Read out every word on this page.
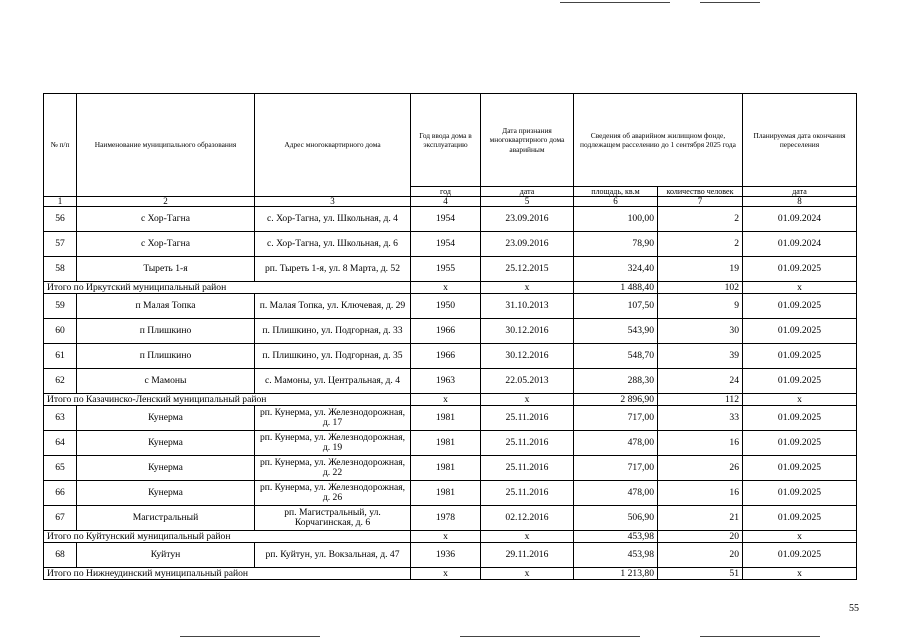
№ п/п	Наименование муниципального образования	Адрес многоквартирного дома	Год ввода дома в эксплуатацию	Дата признания многоквартирного дома аварийным	Сведения об аварийном жилищном фонде, подлежащем расселению до 1 сентября 2025 года		Планируемая дата окончания переселения
			год	дата	площадь, кв.м	количество человек	дата
1	2	3	4	5	6	7	8
56	с Хор-Тагна	с. Хор-Тагна, ул. Школьная, д. 4	1954	23.09.2016	100,00	2	01.09.2024
57	с Хор-Тагна	с. Хор-Тагна, ул. Школьная, д. 6	1954	23.09.2016	78,90	2	01.09.2024
58	Тыреть 1-я	рп. Тыреть 1-я, ул. 8 Марта, д. 52	1955	25.12.2015	324,40	19	01.09.2025
Итого по Иркутский муниципальный район			х	х	1 488,40	102	х
59	п Малая Топка	п. Малая Топка, ул. Ключевая, д. 29	1950	31.10.2013	107,50	9	01.09.2025
60	п Плишкино	п. Плишкино, ул. Подгорная, д. 33	1966	30.12.2016	543,90	30	01.09.2025
61	п Плишкино	п. Плишкино, ул. Подгорная, д. 35	1966	30.12.2016	548,70	39	01.09.2025
62	с Мамоны	с. Мамоны, ул. Центральная, д. 4	1963	22.05.2013	288,30	24	01.09.2025
Итого по Казачинско-Ленский муниципальный район			х	х	2 896,90	112	х
63	Кунерма	рп. Кунерма, ул. Железнодорожная, д. 17	1981	25.11.2016	717,00	33	01.09.2025
64	Кунерма	рп. Кунерма, ул. Железнодорожная, д. 19	1981	25.11.2016	478,00	16	01.09.2025
65	Кунерма	рп. Кунерма, ул. Железнодорожная, д. 22	1981	25.11.2016	717,00	26	01.09.2025
66	Кунерма	рп. Кунерма, ул. Железнодорожная, д. 26	1981	25.11.2016	478,00	16	01.09.2025
67	Магистральный	рп. Магистральный, ул. Корчагинская, д. 6	1978	02.12.2016	506,90	21	01.09.2025
Итого по Куйтунский муниципальный район			х	х	453,98	20	х
68	Куйтун	рп. Куйтун, ул. Вокзальная, д. 47	1936	29.11.2016	453,98	20	01.09.2025
Итого по Нижнеудинский муниципальный район			х	х	1 213,80	51	х
55
